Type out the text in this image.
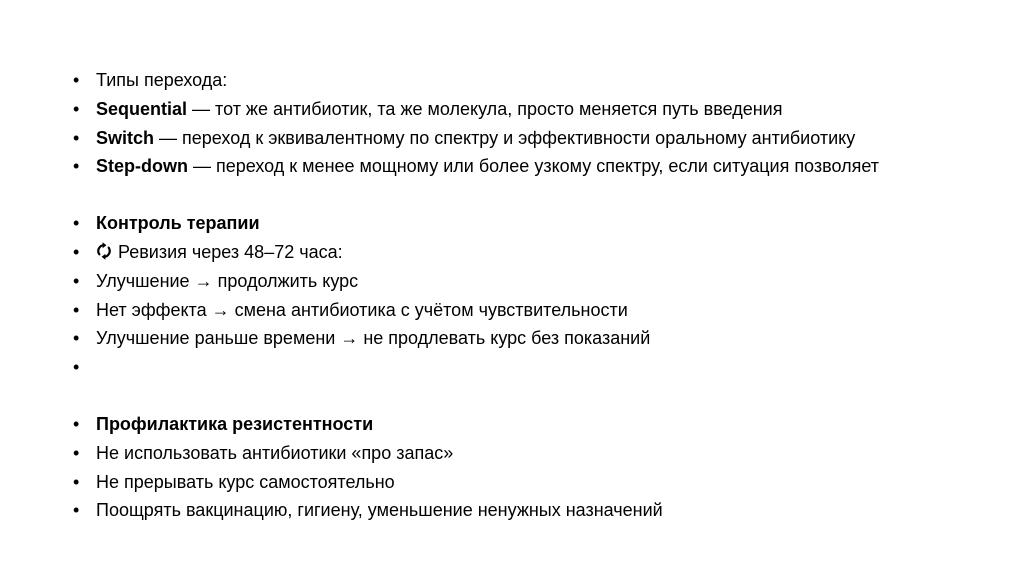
• Типы перехода:
• Sequential — тот же антибиотик, та же молекула, просто меняется путь введения
• Switch — переход к эквивалентному по спектру и эффективности оральному антибиотику
• Step-down — переход к менее мощному или более узкому спектру, если ситуация позволяет
• Контроль терапии
• Ревизия через 48–72 часа:
• Улучшение → продолжить курс
• Нет эффекта → смена антибиотика с учётом чувствительности
• Улучшение раньше времени → не продлевать курс без показаний
•
• Профилактика резистентности
• Не использовать антибиотики «про запас»
• Не прерывать курс самостоятельно
• Поощрять вакцинацию, гигиену, уменьшение ненужных назначений
